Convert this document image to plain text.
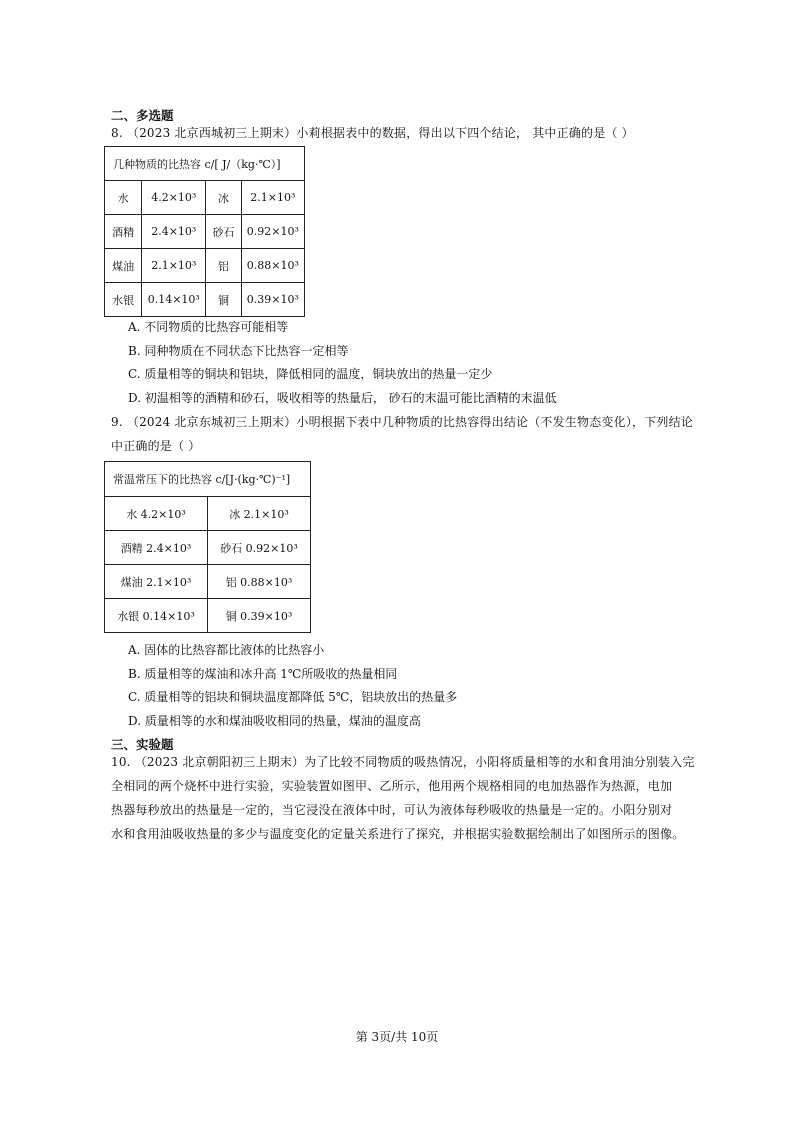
二、多选题
8. （2023 北京西城初三上期末）小莉根据表中的数据，得出以下四个结论， 其中正确的是（ ）
几种物质的比热容 c/[ J/（kg·℃）]			
水	4.2×10³	冰	2.1×10³
酒精	2.4×10³	砂石	0.92×10³
煤油	2.1×10³	铝	0.88×10³
水银	0.14×10³	铜	0.39×10³
A. 不同物质的比热容可能相等
B. 同种物质在不同状态下比热容一定相等
C. 质量相等的铜块和铝块，降低相同的温度，铜块放出的热量一定少
D. 初温相等的酒精和砂石，吸收相等的热量后， 砂石的末温可能比酒精的末温低
9. （2024 北京东城初三上期末）小明根据下表中几种物质的比热容得出结论（不发生物态变化），下列结论
中正确的是（ ）
常温常压下的比热容 c/[J·(kg·℃)⁻¹]	
水 4.2×10³	冰 2.1×10³
酒精 2.4×10³	砂石 0.92×10³
煤油 2.1×10³	铝 0.88×10³
水银 0.14×10³	铜 0.39×10³
A. 固体的比热容都比液体的比热容小
B. 质量相等的煤油和冰升高 1℃所吸收的热量相同
C. 质量相等的铝块和铜块温度都降低 5℃，铝块放出的热量多
D. 质量相等的水和煤油吸收相同的热量，煤油的温度高
三、实验题
10. （2023 北京朝阳初三上期末）为了比较不同物质的吸热情况，小阳将质量相等的水和食用油分别装入完
全相同的两个烧杯中进行实验，实验装置如图甲、乙所示，他用两个规格相同的电加热器作为热源，电加
热器每秒放出的热量是一定的，当它浸没在液体中时，可认为液体每秒吸收的热量是一定的。小阳分别对
水和食用油吸收热量的多少与温度变化的定量关系进行了探究，并根据实验数据绘制出了如图所示的图像。
第 3页/共 10页
